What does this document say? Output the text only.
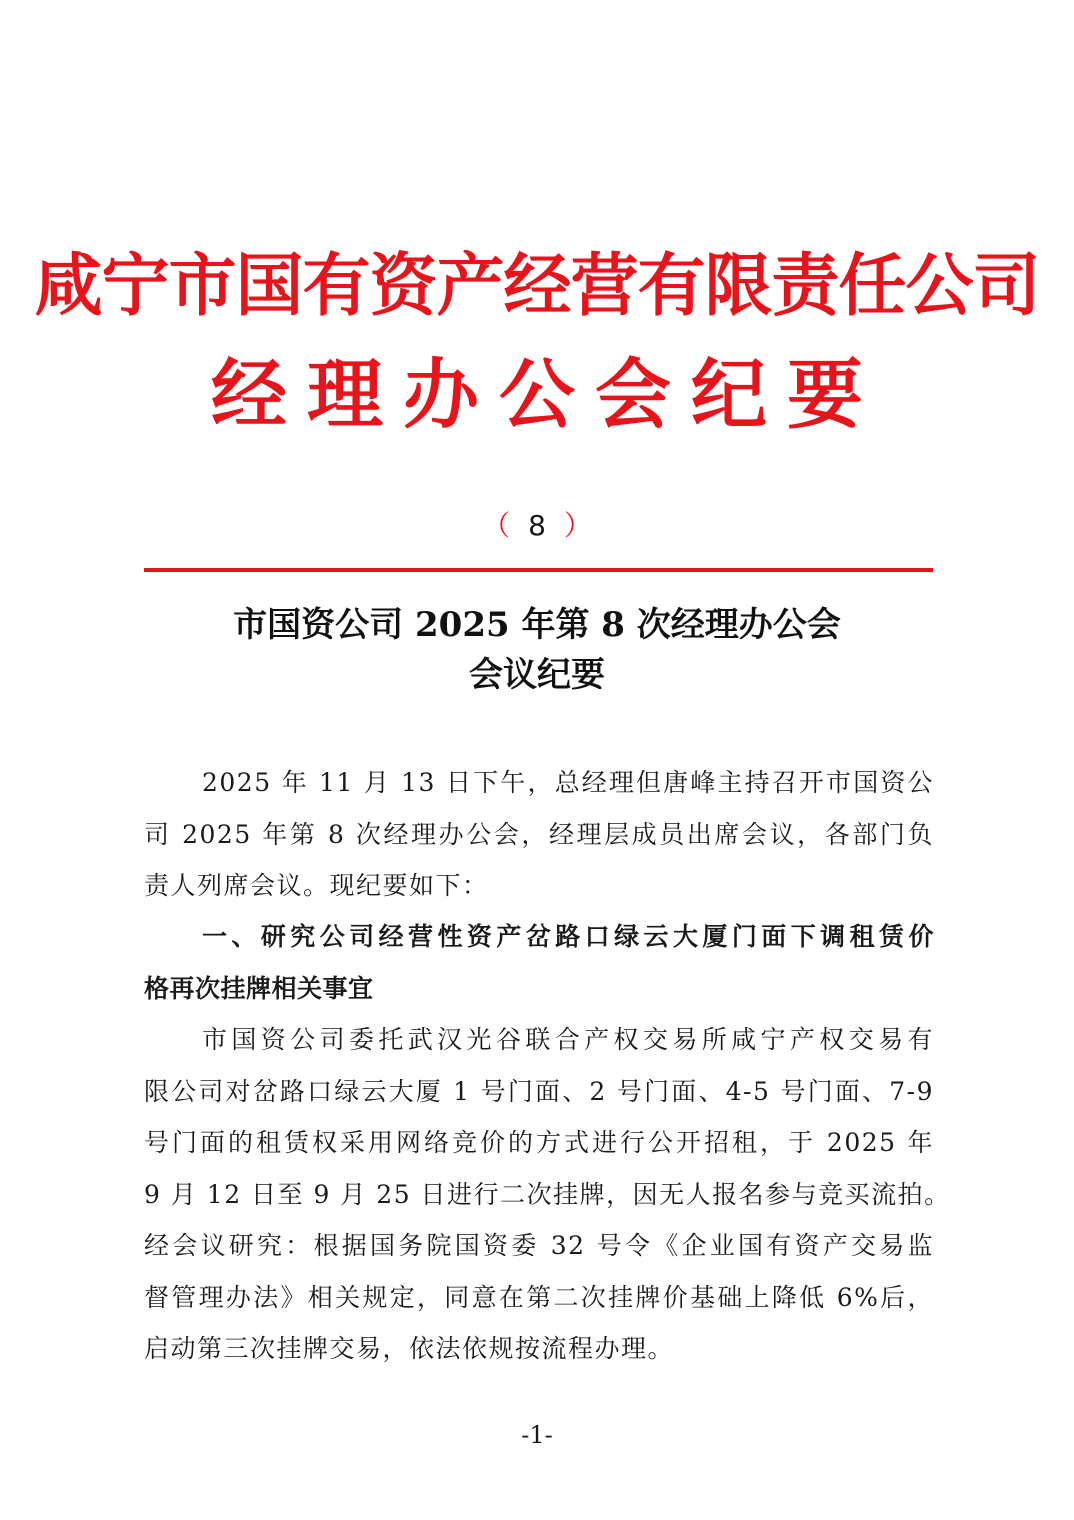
咸宁市国有资产经营有限责任公司
经理办公会纪要
（ 8 ）
市国资公司 2025 年第 8 次经理办公会
会议纪要
2025 年 11 月 13 日下午，总经理但唐峰主持召开市国资公
司 2025 年第 8 次经理办公会，经理层成员出席会议，各部门负
责人列席会议。现纪要如下：
一、研究公司经营性资产岔路口绿云大厦门面下调租赁价
格再次挂牌相关事宜
市国资公司委托武汉光谷联合产权交易所咸宁产权交易有
限公司对岔路口绿云大厦 1 号门面、2 号门面、4-5 号门面、7-9
号门面的租赁权采用网络竞价的方式进行公开招租，于 2025 年
9 月 12 日至 9 月 25 日进行二次挂牌，因无人报名参与竞买流拍。
经会议研究：根据国务院国资委 32 号令《企业国有资产交易监
督管理办法》相关规定，同意在第二次挂牌价基础上降低 6%后，
启动第三次挂牌交易，依法依规按流程办理。
-1-
